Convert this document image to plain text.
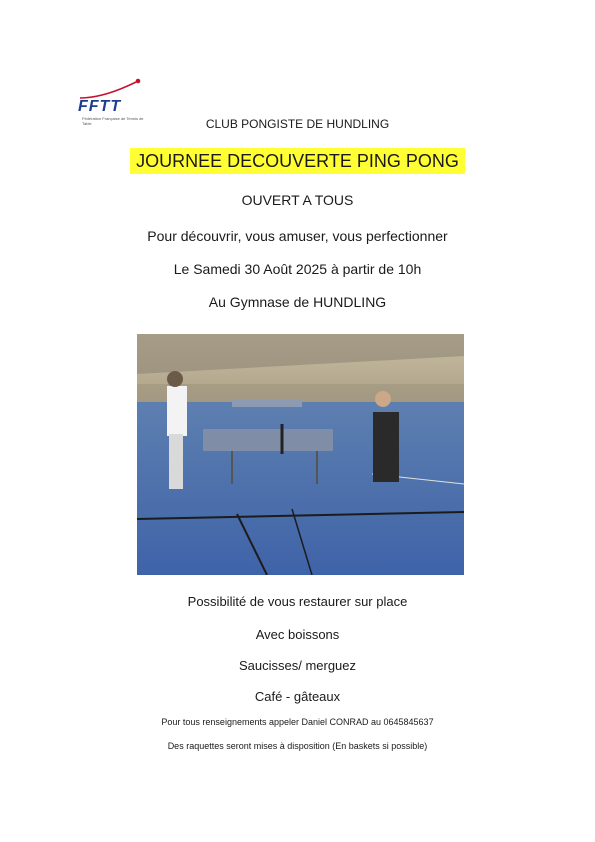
FFTT
Fédération Française de Tennis de Table	CLUB PONGISTE DE HUNDLING
JOURNEE DECOUVERTE PING PONG
OUVERT A TOUS
Pour découvrir, vous amuser, vous perfectionner
Le Samedi 30 Août 2025 à partir de 10h
Au Gymnase de HUNDLING
Possibilité de vous restaurer sur place
Avec boissons
Saucisses/ merguez
Café - gâteaux
Pour tous renseignements appeler Daniel CONRAD au 0645845637
Des raquettes seront mises à disposition (En baskets si possible)
